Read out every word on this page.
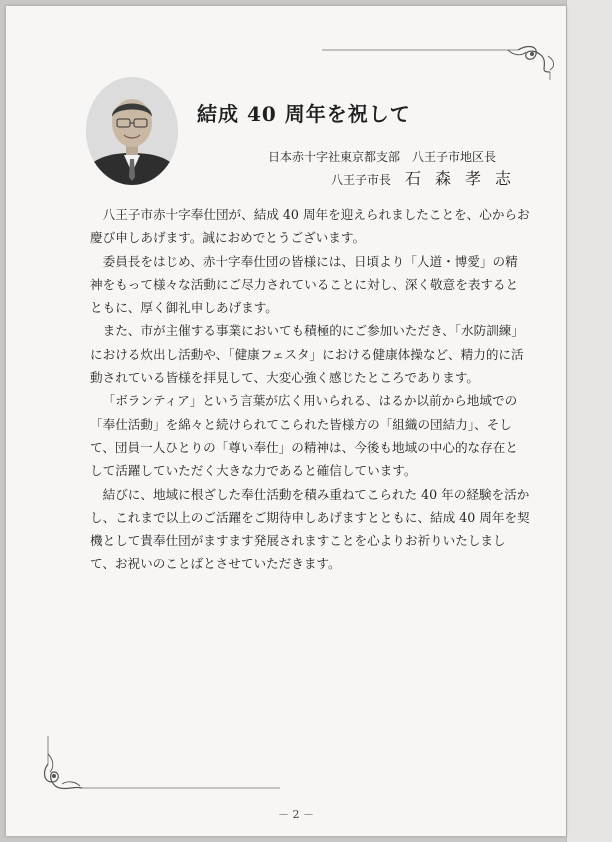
結成 40 周年を祝して
日本赤十字社東京都支部　八王子市地区長
八王子市長 石森孝志

八王子市赤十字奉仕団が、結成 40 周年を迎えられましたことを、心からお慶び申しあげます。誠におめでとうございます。

委員長をはじめ、赤十字奉仕団の皆様には、日頃より「人道・博愛」の精神をもって様々な活動にご尽力されていることに対し、深く敬意を表するとともに、厚く御礼申しあげます。

また、市が主催する事業においても積極的にご参加いただき、「水防訓練」における炊出し活動や、「健康フェスタ」における健康体操など、精力的に活動されている皆様を拝見して、大変心強く感じたところであります。

「ボランティア」という言葉が広く用いられる、はるか以前から地域での「奉仕活動」を綿々と続けられてこられた皆様方の「組織の団結力」、そして、団員一人ひとりの「尊い奉仕」の精神は、今後も地域の中心的な存在として活躍していただく大きな力であると確信しています。

結びに、地域に根ざした奉仕活動を積み重ねてこられた 40 年の経験を活かし、これまで以上のご活躍をご期待申しあげますとともに、結成 40 周年を契機として貴奉仕団がますます発展されますことを心よりお祈りいたしまして、お祝いのことばとさせていただきます。

－ 2 －
